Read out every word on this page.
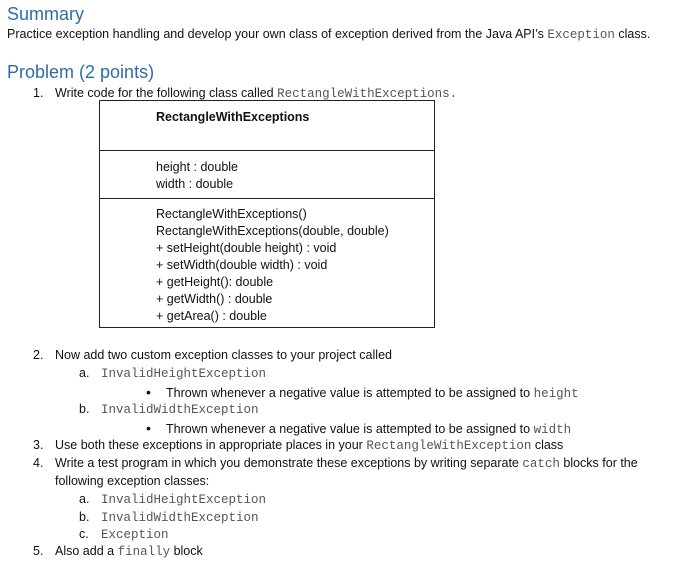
Summary
Practice exception handling and develop your own class of exception derived from the Java API’s Exception class.
Problem (2 points)
1. Write code for the following class called RectangleWithExceptions.
RectangleWithExceptions
height : double
width : double
RectangleWithExceptions()
RectangleWithExceptions(double, double)
+ setHeight(double height) : void
+ setWidth(double width) : void
+ getHeight(): double
+ getWidth() : double
+ getArea() : double
2. Now add two custom exception classes to your project called
a. InvalidHeightException
• Thrown whenever a negative value is attempted to be assigned to height
b. InvalidWidthException
• Thrown whenever a negative value is attempted to be assigned to width
3. Use both these exceptions in appropriate places in your RectangleWithException class
4. Write a test program in which you demonstrate these exceptions by writing separate catch blocks for the
following exception classes:
a. InvalidHeightException
b. InvalidWidthException
c. Exception
5. Also add a finally block
